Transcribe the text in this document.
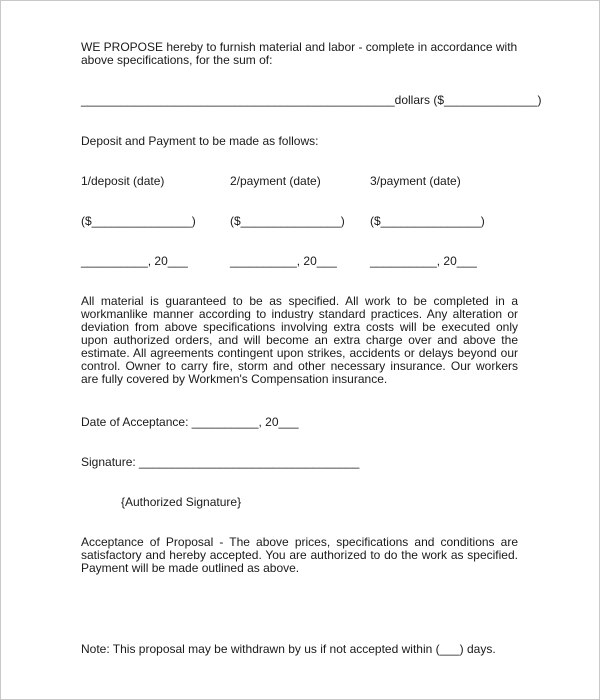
WE PROPOSE hereby to furnish material and labor - complete in accordance with above specifications, for the sum of:
_______________________________________________dollars ($______________)
Deposit and Payment to be made as follows:
1/deposit (date)	2/payment (date)	3/payment (date)
($_______________)	($_______________) ($_______________)
__________, 20___	__________, 20___	__________, 20___
All material is guaranteed to be as specified. All work to be completed in a workmanlike manner according to industry standard practices. Any alteration or deviation from above specifications involving extra costs will be executed only upon authorized orders, and will become an extra charge over and above the estimate. All agreements contingent upon strikes, accidents or delays beyond our control. Owner to carry fire, storm and other necessary insurance. Our workers are fully covered by Workmen's Compensation insurance.
Date of Acceptance: __________, 20___
Signature: _________________________________
{Authorized Signature}
Acceptance of Proposal - The above prices, specifications and conditions are satisfactory and hereby accepted. You are authorized to do the work as specified. Payment will be made outlined as above.
Note: This proposal may be withdrawn by us if not accepted within (___) days.
